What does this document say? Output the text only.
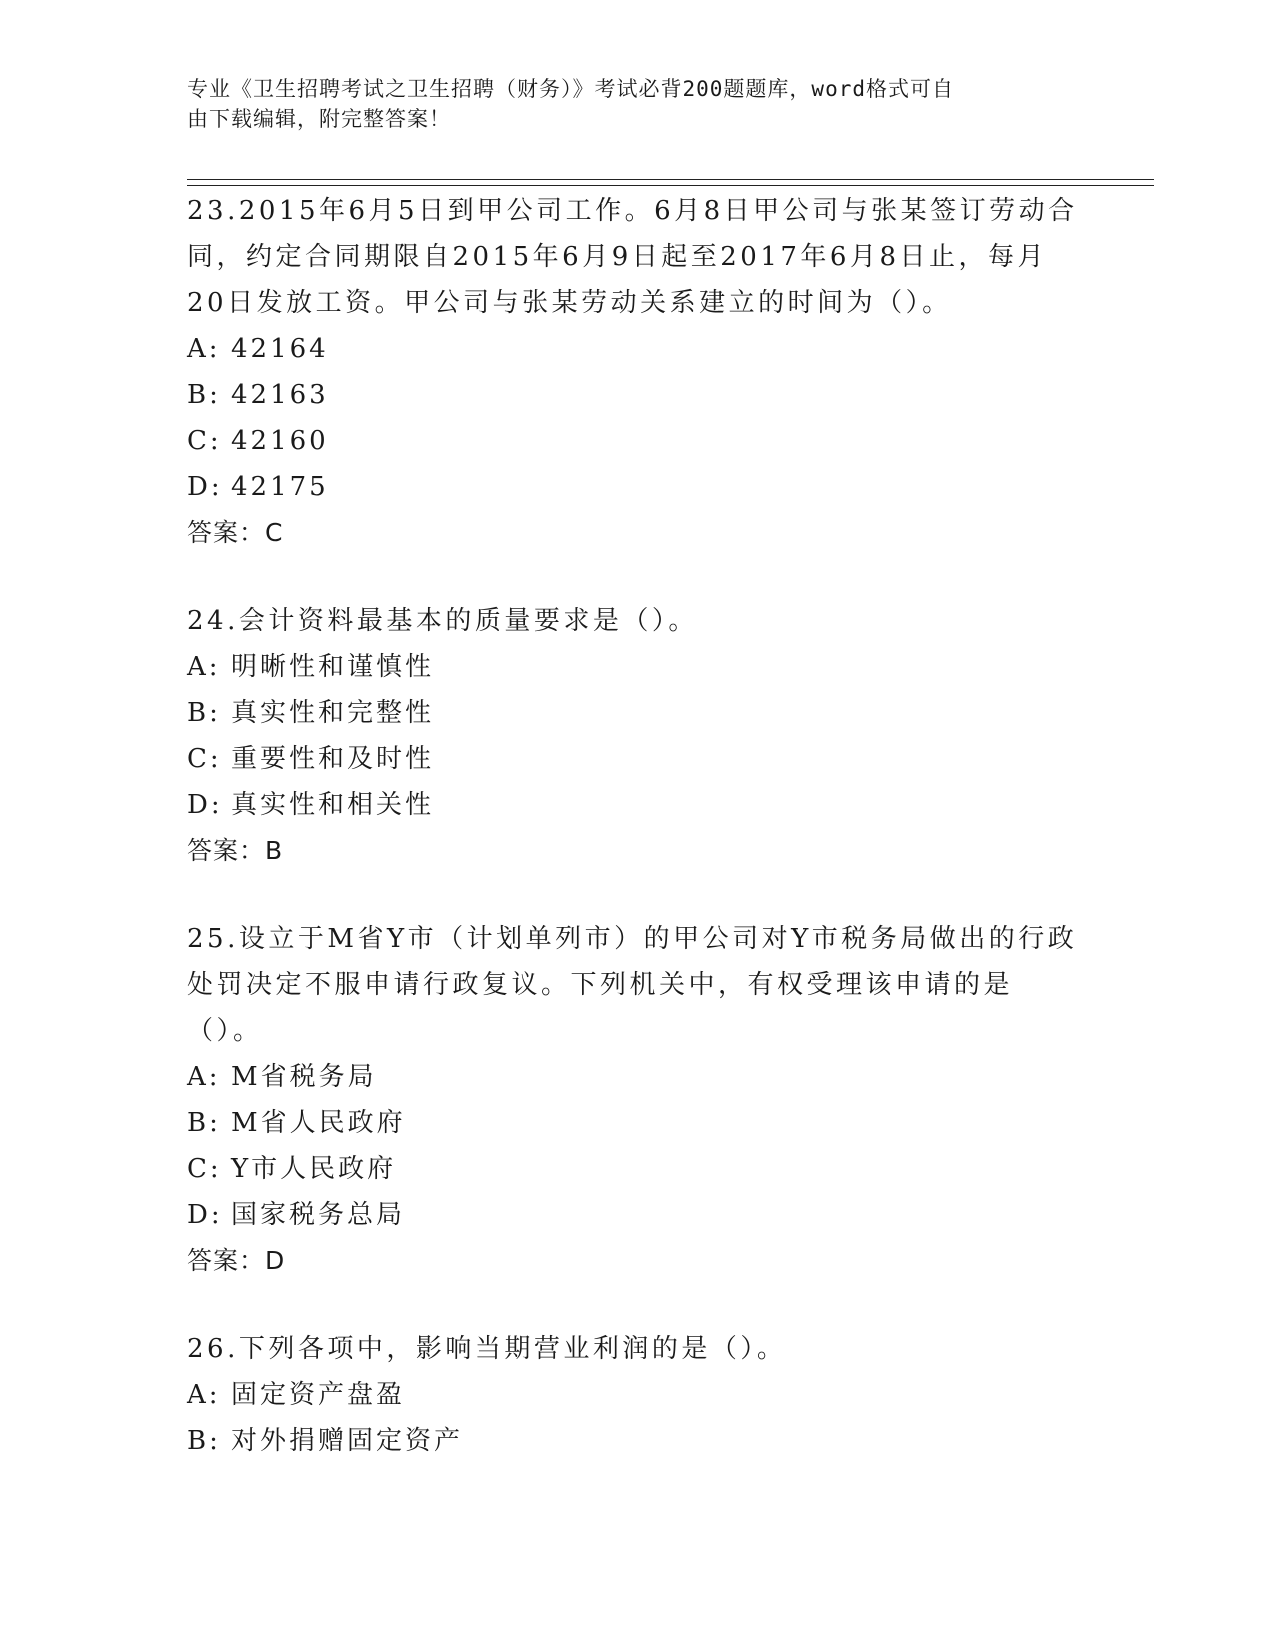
专业《卫生招聘考试之卫生招聘（财务）》考试必背200题题库，word格式可自
由下载编辑，附完整答案！

23.2015年6月5日到甲公司工作。6月8日甲公司与张某签订劳动合同，约定合同期限自2015年6月9日起至2017年6月8日止，每月20日发放工资。甲公司与张某劳动关系建立的时间为（）。

A: 42164

B: 42163

C: 42160

D: 42175

答案：C

24.会计资料最基本的质量要求是（）。

A: 明晰性和谨慎性

B: 真实性和完整性

C: 重要性和及时性

D: 真实性和相关性

答案：B

25.设立于M省Y市（计划单列市）的甲公司对Y市税务局做出的行政处罚决定不服申请行政复议。下列机关中，有权受理该申请的是（）。

A: M省税务局

B: M省人民政府

C: Y市人民政府

D: 国家税务总局

答案：D

26.下列各项中，影响当期营业利润的是（）。

A: 固定资产盘盈

B: 对外捐赠固定资产
